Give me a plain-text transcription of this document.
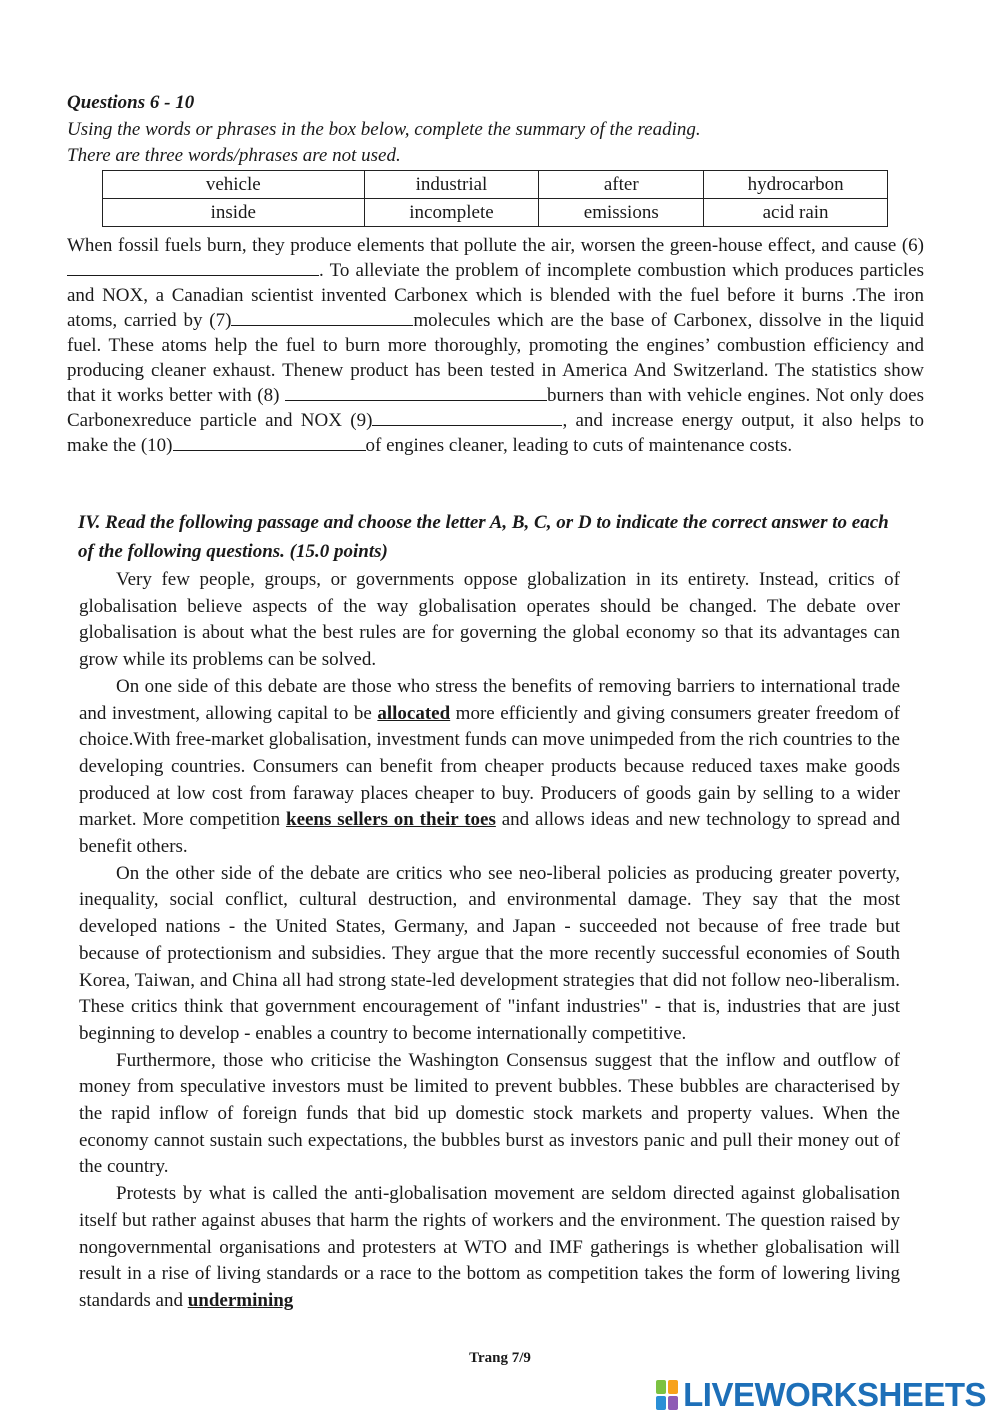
Questions 6 - 10
Using the words or phrases in the box below, complete the summary of the reading.
There are three words/phrases are not used.
vehicle	industrial	after	hydrocarbon
inside	incomplete	emissions	acid rain
When fossil fuels burn, they produce elements that pollute the air, worsen the green-house effect, and cause (6). To alleviate the problem of incomplete combustion which produces particles and NOX, a Canadian scientist invented Carbonex which is blended with the fuel before it burns .The iron atoms, carried by (7)	molecules which are the base of Carbonex, dissolve in the liquid fuel. These atoms help the fuel to burn more thoroughly, promoting the engines’ combustion efficiency and producing cleaner exhaust. Thenew product has been tested in America And Switzerland. The statistics show that it works better with (8)	burners than with vehicle engines. Not only does Carbonexreduce particle and NOX (9)	, and increase energy output, it also helps to make the (10)	of engines cleaner, leading to cuts of maintenance costs.
IV. Read the following passage and choose the letter A, B, C, or D to indicate the correct answer to each of the following questions. (15.0 points)

Very few people, groups, or governments oppose globalization in its entirety. Instead, critics of globalisation believe aspects of the way globalisation operates should be changed. The debate over globalisation is about what the best rules are for governing the global economy so that its advantages can grow while its problems can be solved.

On one side of this debate are those who stress the benefits of removing barriers to international trade and investment, allowing capital to be allocated more efficiently and giving consumers greater freedom of choice.With free-market globalisation, investment funds can move unimpeded from the rich countries to the developing countries. Consumers can benefit from cheaper products because reduced taxes make goods produced at low cost from faraway places cheaper to buy. Producers of goods gain by selling to a wider market. More competition keens sellers on their toes and allows ideas and new technology to spread and benefit others.

On the other side of the debate are critics who see neo-liberal policies as producing greater poverty, inequality, social conflict, cultural destruction, and environmental damage. They say that the most developed nations - the United States, Germany, and Japan - succeeded not because of free trade but because of protectionism and subsidies. They argue that the more recently successful economies of South Korea, Taiwan, and China all had strong state-led development strategies that did not follow neo-liberalism. These critics think that government encouragement of "infant industries" - that is, industries that are just beginning to develop - enables a country to become internationally competitive.

Furthermore, those who criticise the Washington Consensus suggest that the inflow and outflow of money from speculative investors must be limited to prevent bubbles. These bubbles are characterised by the rapid inflow of foreign funds that bid up domestic stock markets and property values. When the economy cannot sustain such expectations, the bubbles burst as investors panic and pull their money out of the country.

Protests by what is called the anti-globalisation movement are seldom directed against globalisation itself but rather against abuses that harm the rights of workers and the environment. The question raised by nongovernmental organisations and protesters at WTO and IMF gatherings is whether globalisation will result in a rise of living standards or a race to the bottom as competition takes the form of lowering living standards and undermining

Trang 7/9
LIVEWORKSHEETS
